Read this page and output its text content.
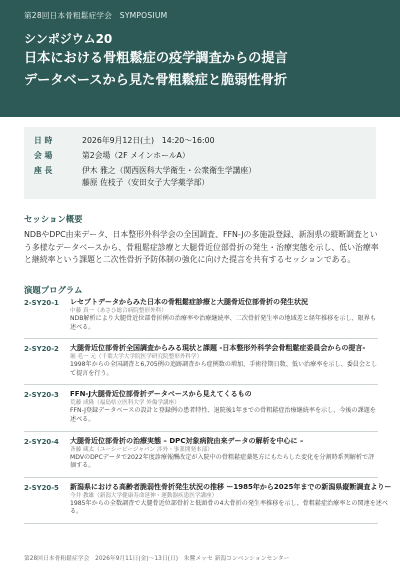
第28回日本骨粗鬆症学会　SYMPOSIUM
シンポジウム20
日本における骨粗鬆症の疫学調査からの提言
データベースから見た骨粗鬆症と脆弱性骨折
日 時	2026年9月12日(土)　14:20～16:00
会 場	第2会場（2F メインホールA）
座 長	伊木 雅之（関西医科大学衛生・公衆衛生学講座）
藤原 佐枝子（安田女子大学薬学部）
セッション概要
NDBやDPC由来データ、日本整形外科学会の全国調査、FFN-Jの多施設登録、新潟県の縦断調査という多様なデータベースから、骨粗鬆症診療と大腿骨近位部骨折の発生・治療実態を示し、低い治療率と継続率という課題と二次性骨折予防体制の強化に向けた提言を共有するセッションである。
演題プログラム
2-SY20-1	レセプトデータからみた日本の骨粗鬆症診療と大腿骨近位部骨折の発生状況
中藤 真一（あさひ総合病院整形外科）
NDB解析により大腿骨近位部骨折例の治療率や治療継続率、二次骨折発生率の地域差と経年推移を示し、限界も述べる。
2-SY20-2	大腿骨近位部骨折全国調査からみる現状と課題 -日本整形外科学会骨粗鬆症委員会からの提言-
堀 毛一 元（千葉大学大学院医学研究院整形外科学）
1998年からの全国調査と6,705例の追跡調査から症例数の増加、手術待期日数、低い治療率を示し、委員会として提言を行う。
2-SY20-3	FFN-J大腿骨近位部骨折データベースから見えてくるもの
荒藤 成隆（福島県立医科大学 外傷学講座）
FFN-J登録データベースの設計と登録例の患者特性、退院後1年までの骨粗鬆症治療継続率を示し、今後の課題を述べる。
2-SY20-4	大腿骨近位部骨折の治療実態 – DPC対象病院由来データの解析を中心に –
斉藤 蔵太（ユーシービージャパン 涉外・事業開発本部）
MDVのDPCデータで2022年度診療報酬改定が入院中の骨粗鬆症薬処方にもたらした変化を分割時系列解析で評価する。
2-SY20-5	新潟県における高齢者脆弱性骨折発生状況の推移 ー1985年から2025年までの新潟県縦断調査よりー
今井 教雄（新潟大学健康寿命延伸・運動器疾患医学講座）
1985年からの全数調査で大腿骨近位部骨折と低頭骨の4大骨折の発生率推移を示し、骨粗鬆症治療率との関連を述べる。
第28回日本骨粗鬆症学会　2026年9月11日(金)～13日(日)　朱鷺メッセ 新潟コンベンションセンター
